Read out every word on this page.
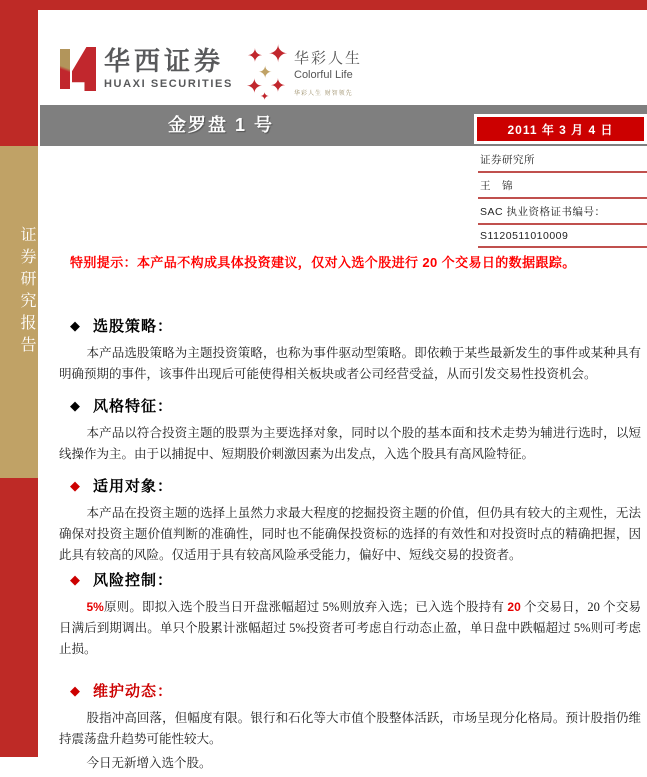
证券研究报告
华西证券
HUAXI SECURITIES
✦ ✦
✦
✦ ✦
✦
华彩人生
Colorful Life
华彩人生 财智领先
金罗盘 1 号	2011 年 3 月 4 日
证券研究所
王　锦
SAC 执业资格证书编号：
S1120511010009
特别提示：本产品不构成具体投资建议，仅对入选个股进行 20 个交易日的数据跟踪。
◆ 选股策略：

本产品选股策略为主题投资策略，也称为事件驱动型策略。即依赖于某些最新发生的事件或某种具有明确预期的事件，该事件出现后可能使得相关板块或者公司经营受益，从而引发交易性投资机会。

◆ 风格特征：

本产品以符合投资主题的股票为主要选择对象，同时以个股的基本面和技术走势为辅进行选时，以短线操作为主。由于以捕捉中、短期股价刺激因素为出发点，入选个股具有高风险特征。

◆ 适用对象：

本产品在投资主题的选择上虽然力求最大程度的挖掘投资主题的价值，但仍具有较大的主观性，无法确保对投资主题价值判断的准确性，同时也不能确保投资标的选择的有效性和对投资时点的精确把握，因此具有较高的风险。仅适用于具有较高风险承受能力，偏好中、短线交易的投资者。

◆ 风险控制：

5%原则。即拟入选个股当日开盘涨幅超过 5%则放弃入选；已入选个股持有 20 个交易日，20 个交易日满后到期调出。单只个股累计涨幅超过 5%投资者可考虑自行动态止盈，单日盘中跌幅超过 5%则可考虑止损。

◆ 维护动态：

股指冲高回落，但幅度有限。银行和石化等大市值个股整体活跃，市场呈现分化格局。预计股指仍维持震荡盘升趋势可能性较大。

今日无新增入选个股。
